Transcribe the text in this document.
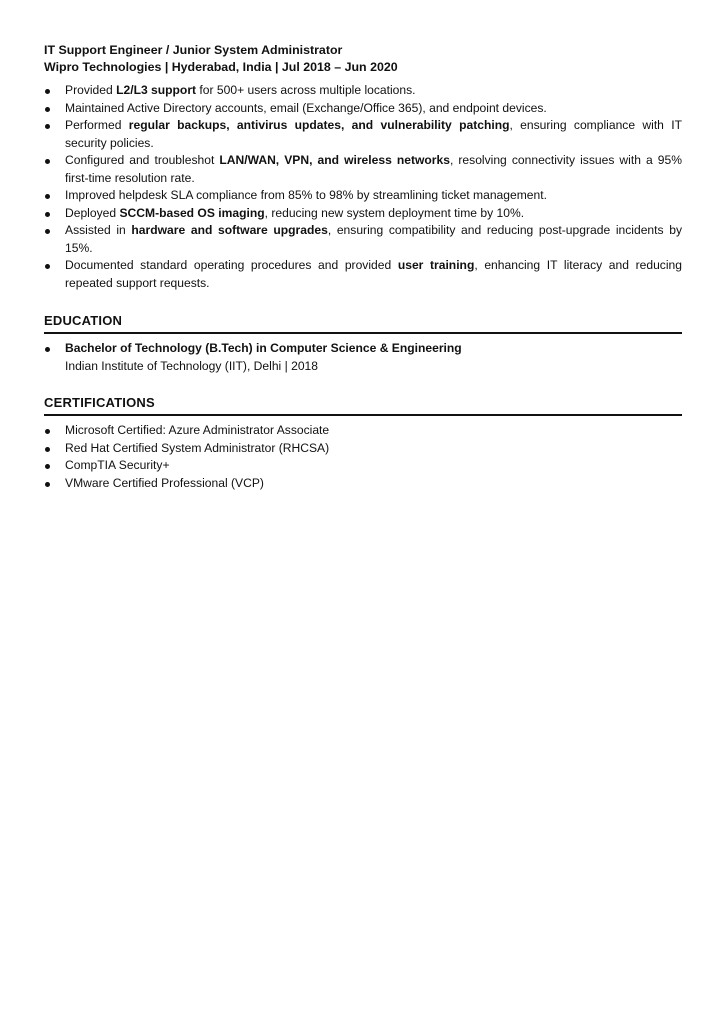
IT Support Engineer / Junior System Administrator

Wipro Technologies | Hyderabad, India | Jul 2018 – Jun 2020

Provided L2/L3 support for 500+ users across multiple locations.
Maintained Active Directory accounts, email (Exchange/Office 365), and endpoint devices.
Performed regular backups, antivirus updates, and vulnerability patching, ensuring compliance with IT security policies.
Configured and troubleshot LAN/WAN, VPN, and wireless networks, resolving connectivity issues with a 95% first-time resolution rate.
Improved helpdesk SLA compliance from 85% to 98% by streamlining ticket management.
Deployed SCCM-based OS imaging, reducing new system deployment time by 10%.
Assisted in hardware and software upgrades, ensuring compatibility and reducing post-upgrade incidents by 15%.
Documented standard operating procedures and provided user training, enhancing IT literacy and reducing repeated support requests.
EDUCATION
Bachelor of Technology (B.Tech) in Computer Science & Engineering
Indian Institute of Technology (IIT), Delhi | 2018
CERTIFICATIONS
Microsoft Certified: Azure Administrator Associate
Red Hat Certified System Administrator (RHCSA)
CompTIA Security+
VMware Certified Professional (VCP)
